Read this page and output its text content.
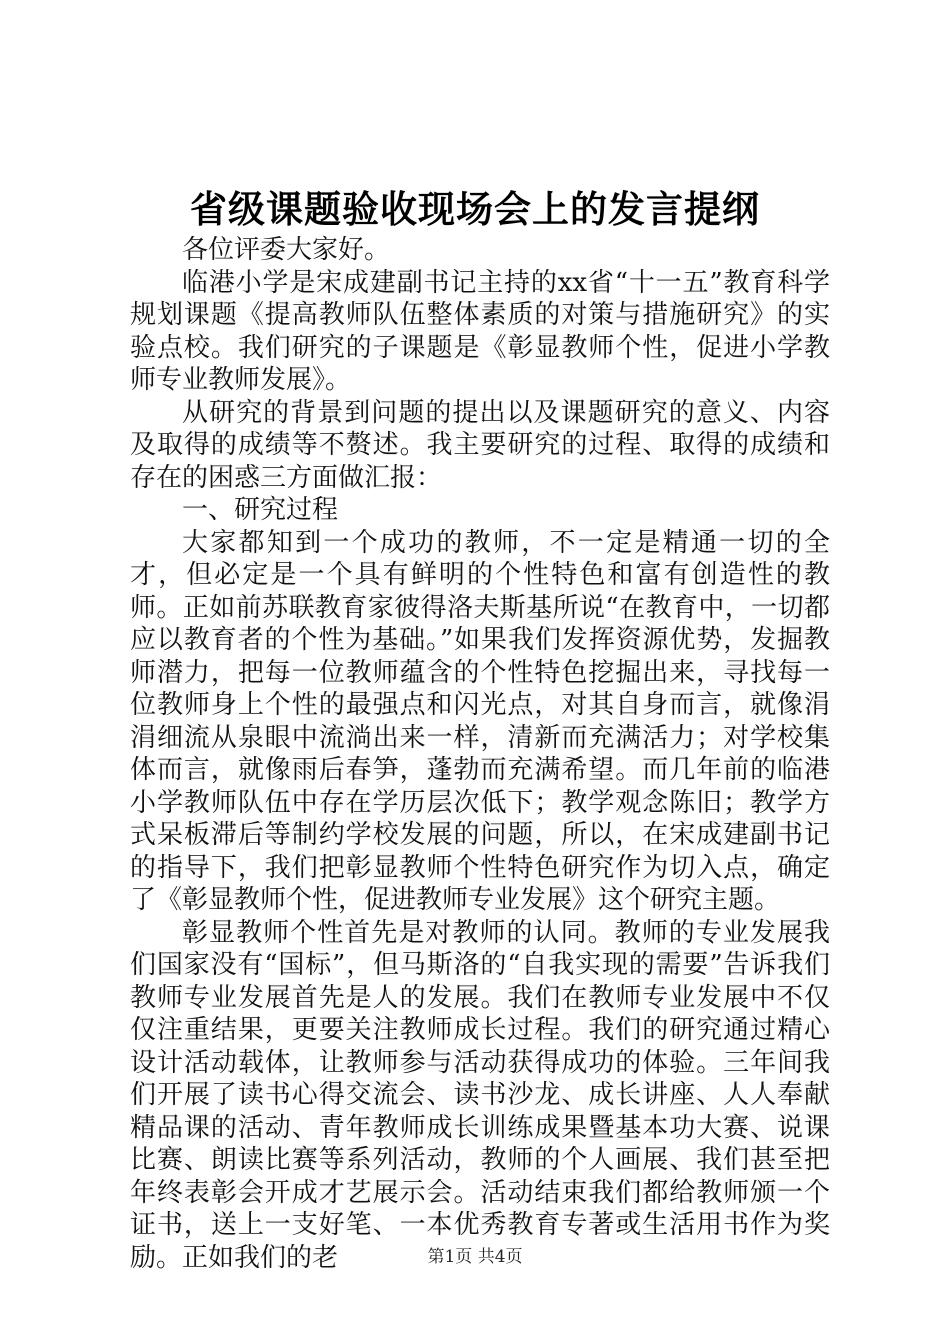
省级课题验收现场会上的发言提纲

各位评委大家好。

临港小学是宋成建副书记主持的xx省“十一五”教育科学规划课题《提高教师队伍整体素质的对策与措施研究》的实验点校。我们研究的子课题是《彰显教师个性，促进小学教师专业教师发展》。

从研究的背景到问题的提出以及课题研究的意义、内容及取得的成绩等不赘述。我主要研究的过程、取得的成绩和存在的困惑三方面做汇报：

一、研究过程

大家都知到一个成功的教师，不一定是精通一切的全才，但必定是一个具有鲜明的个性特色和富有创造性的教师。正如前苏联教育家彼得洛夫斯基所说“在教育中，一切都应以教育者的个性为基础。”如果我们发挥资源优势，发掘教师潜力，把每一位教师蕴含的个性特色挖掘出来，寻找每一位教师身上个性的最强点和闪光点，对其自身而言，就像涓涓细流从泉眼中流淌出来一样，清新而充满活力；对学校集体而言，就像雨后春笋，蓬勃而充满希望。而几年前的临港小学教师队伍中存在学历层次低下；教学观念陈旧；教学方式呆板滞后等制约学校发展的问题，所以，在宋成建副书记的指导下，我们把彰显教师个性特色研究作为切入点，确定了《彰显教师个性，促进教师专业发展》这个研究主题。

彰显教师个性首先是对教师的认同。教师的专业发展我们国家没有“国标”，但马斯洛的“自我实现的需要”告诉我们教师专业发展首先是人的发展。我们在教师专业发展中不仅仅注重结果，更要关注教师成长过程。我们的研究通过精心设计活动载体，让教师参与活动获得成功的体验。三年间我们开展了读书心得交流会、读书沙龙、成长讲座、人人奉献精品课的活动、青年教师成长训练成果暨基本功大赛、说课比赛、朗读比赛等系列活动，教师的个人画展、我们甚至把年终表彰会开成才艺展示会。活动结束我们都给教师颁一个证书，送上一支好笔、一本优秀教育专著或生活用书作为奖励。正如我们的老	第1页 共4页
